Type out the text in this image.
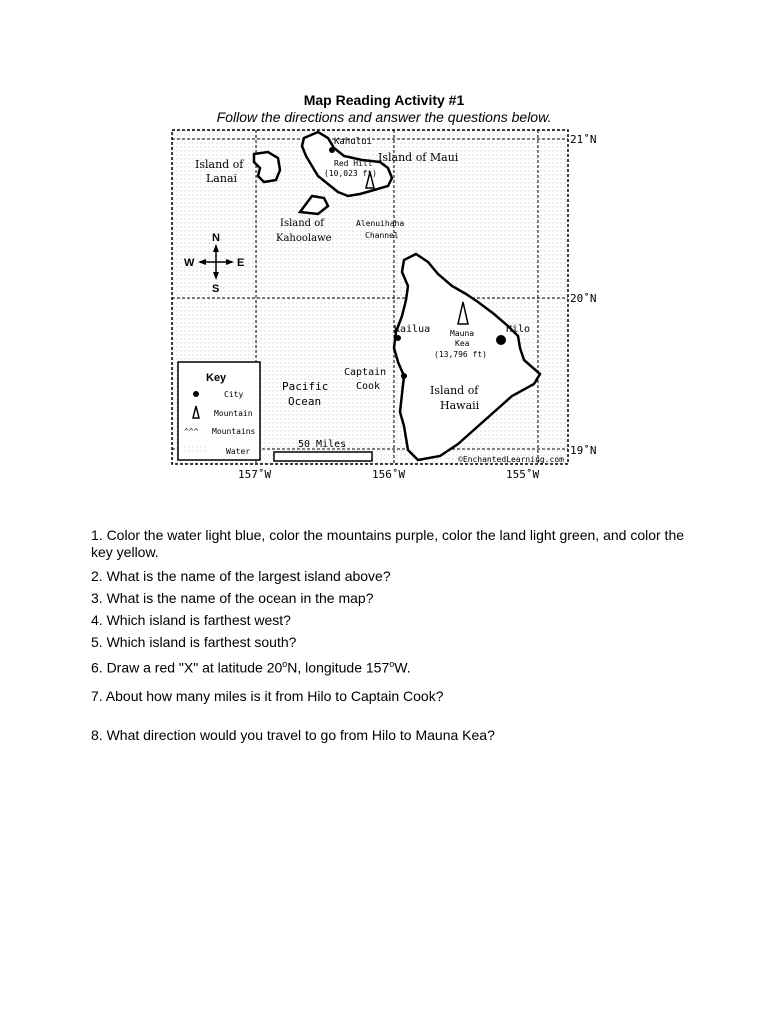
Map Reading Activity #1
Follow the directions and answer the questions below.
21˚N
20˚N
19˚N
157˚W	156˚W	155˚W
Island of
Lanai
Island of Maui
Island of
Kahoolawe
Island of
Hawaii
Kahului
Red Hill
(10,023 ft)
Alenuihaha
Channel
Kailua Mauna
Kea
(13,796 ft)
Hilo
Captain
Cook
Pacific
Ocean
N
S
W	E
Key
City
Mountain
^^^ Mountains
Water
50 Miles
©EnchantedLearning.com

1. Color the water light blue, color the mountains purple, color the land light green, and color the key yellow.

2. What is the name of the largest island above?

3. What is the name of the ocean in the map?

4. Which island is farthest west?

5. Which island is farthest south?

6. Draw a red "X" at latitude 20$^o$N, longitude 157$^o$W.

7. About how many miles is it from Hilo to Captain Cook?

8. What direction would you travel to go from Hilo to Mauna Kea?
